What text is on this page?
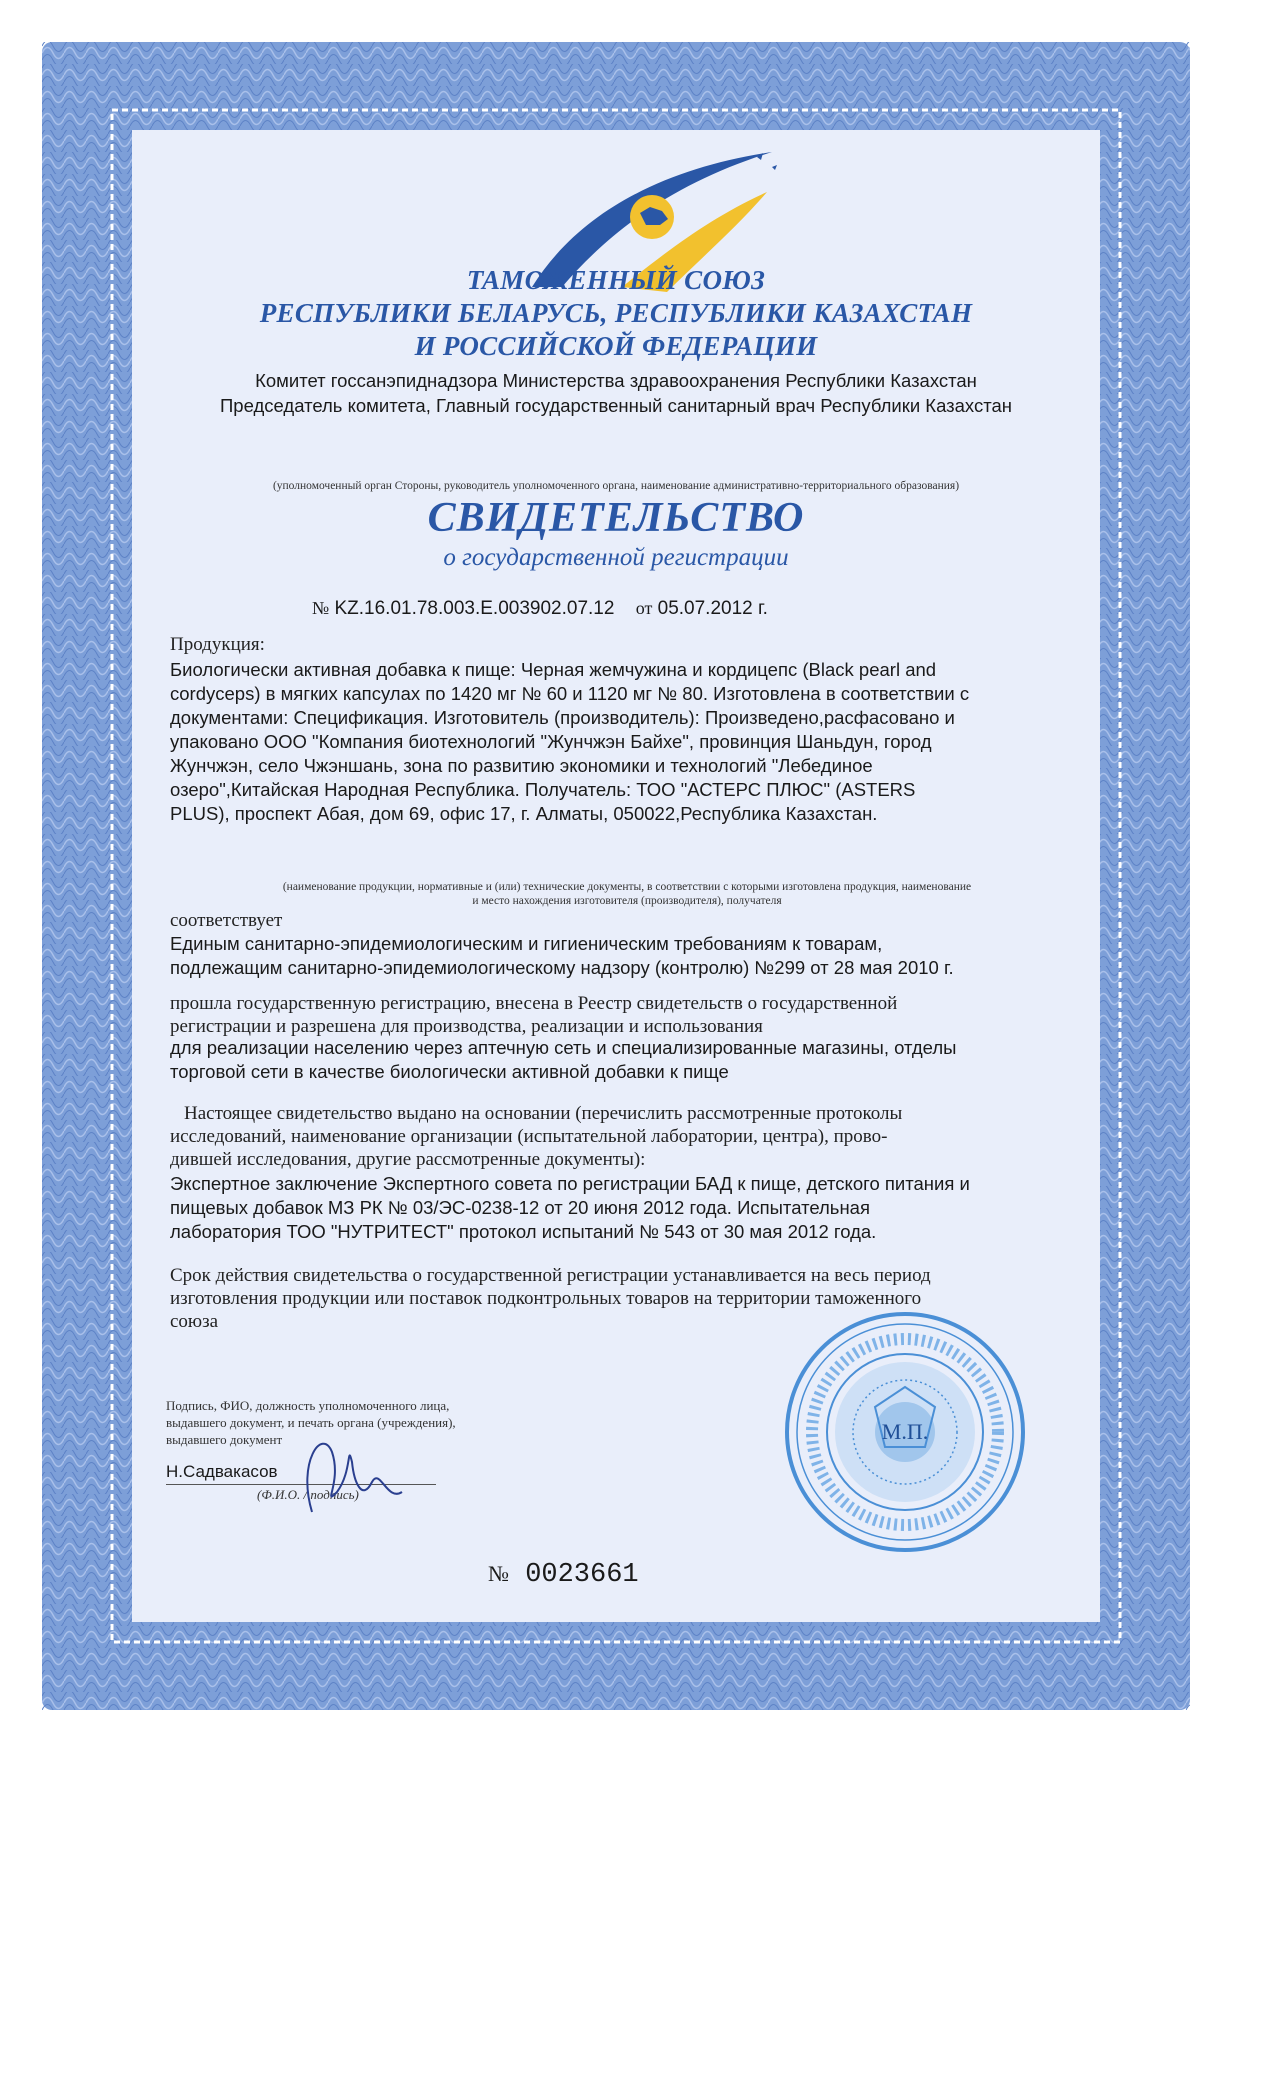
ТАМОЖЕННЫЙ СОЮЗ
РЕСПУБЛИКИ БЕЛАРУСЬ, РЕСПУБЛИКИ КАЗАХСТАН
И РОССИЙСКОЙ ФЕДЕРАЦИИ
Комитет госсанэпиднадзора Министерства здравоохранения Республики Казахстан
Председатель комитета, Главный государственный санитарный врач Республики Казахстан
(уполномоченный орган Стороны, руководитель уполномоченного органа, наименование административно-территориального образования)
СВИДЕТЕЛЬСТВО
о государственной регистрации
№ KZ.16.01.78.003.E.003902.07.12 от 05.07.2012 г.
Продукция:
Биологически активная добавка к пище: Черная жемчужина и кордицепс (Black pearl and
cordyceps) в мягких капсулах по 1420 мг № 60 и 1120 мг № 80. Изготовлена в соответствии с
документами: Спецификация. Изготовитель (производитель): Произведено,расфасовано и
упаковано ООО "Компания биотехнологий "Жунчжэн Байхе", провинция Шаньдун, город
Жунчжэн, село Чжэншань, зона по развитию экономики и технологий "Лебединое
озеро",Китайская Народная Республика. Получатель: ТОО "АСТЕРС ПЛЮС" (ASTERS
PLUS), проспект Абая, дом 69, офис 17, г. Алматы, 050022,Республика Казахстан.
(наименование продукции, нормативные и (или) технические документы, в соответствии с которыми изготовлена продукция, наименование
и место нахождения изготовителя (производителя), получателя
соответствует
Единым санитарно-эпидемиологическим и гигиеническим требованиям к товарам,
подлежащим санитарно-эпидемиологическому надзору (контролю) №299 от 28 мая 2010 г.
прошла государственную регистрацию, внесена в Реестр свидетельств о государственной
регистрации и разрешена для производства, реализации и использования
для реализации населению через аптечную сеть и специализированные магазины, отделы
торговой сети в качестве биологически активной добавки к пище
Настоящее свидетельство выдано на основании (перечислить рассмотренные протоколы
исследований, наименование организации (испытательной лаборатории, центра), прово-
дившей исследования, другие рассмотренные документы):
Экспертное заключение Экспертного совета по регистрации БАД к пище, детского питания и
пищевых добавок МЗ РК № 03/ЭС-0238-12 от 20 июня 2012 года. Испытательная
лаборатория ТОО "НУТРИТЕСТ" протокол испытаний № 543 от 30 мая 2012 года.
Срок действия свидетельства о государственной регистрации устанавливается на весь период
изготовления продукции или поставок подконтрольных товаров на территории таможенного
союза
Подпись, ФИО, должность уполномоченного лица,
выдавшего документ, и печать органа (учреждения),
выдавшего документ
Н.Садвакасов
(Ф.И.О. / подпись)
М.П.
№ 0023661
